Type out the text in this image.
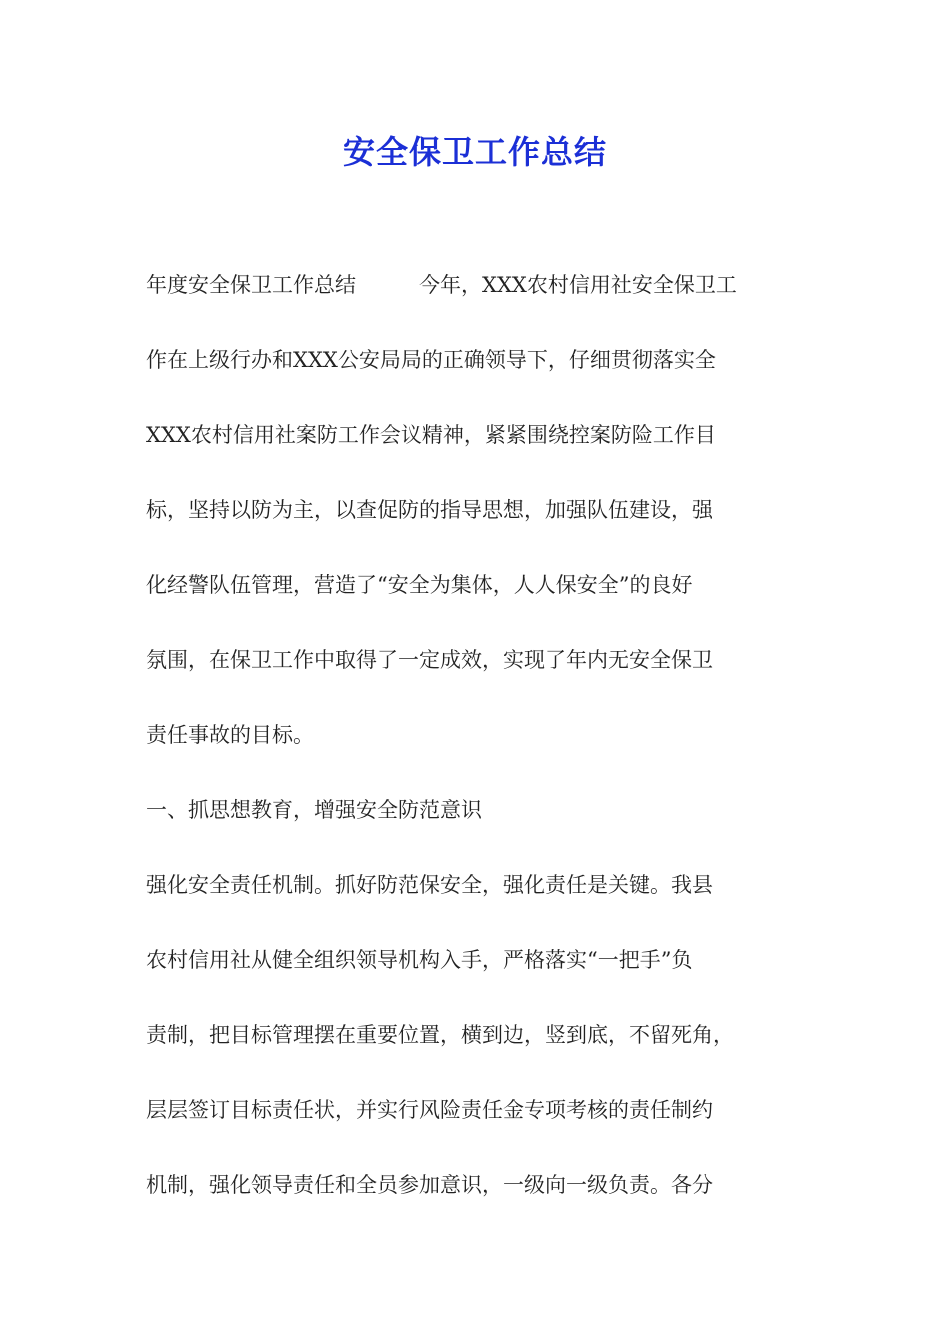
安全保卫工作总结
年度安全保卫工作总结　　　今年，XXX农村信用社安全保卫工
作在上级行办和XXX公安局局的正确领导下，仔细贯彻落实全
XXX农村信用社案防工作会议精神，紧紧围绕控案防险工作目
标，坚持以防为主，以查促防的指导思想，加强队伍建设，强
化经警队伍管理，营造了“安全为集体，人人保安全”的良好
氛围，在保卫工作中取得了一定成效，实现了年内无安全保卫
责任事故的目标。
一、抓思想教育，增强安全防范意识
强化安全责任机制。抓好防范保安全，强化责任是关键。我县
农村信用社从健全组织领导机构入手，严格落实“一把手”负
责制，把目标管理摆在重要位置，横到边，竖到底，不留死角，
层层签订目标责任状，并实行风险责任金专项考核的责任制约
机制，强化领导责任和全员参加意识，一级向一级负责。各分
